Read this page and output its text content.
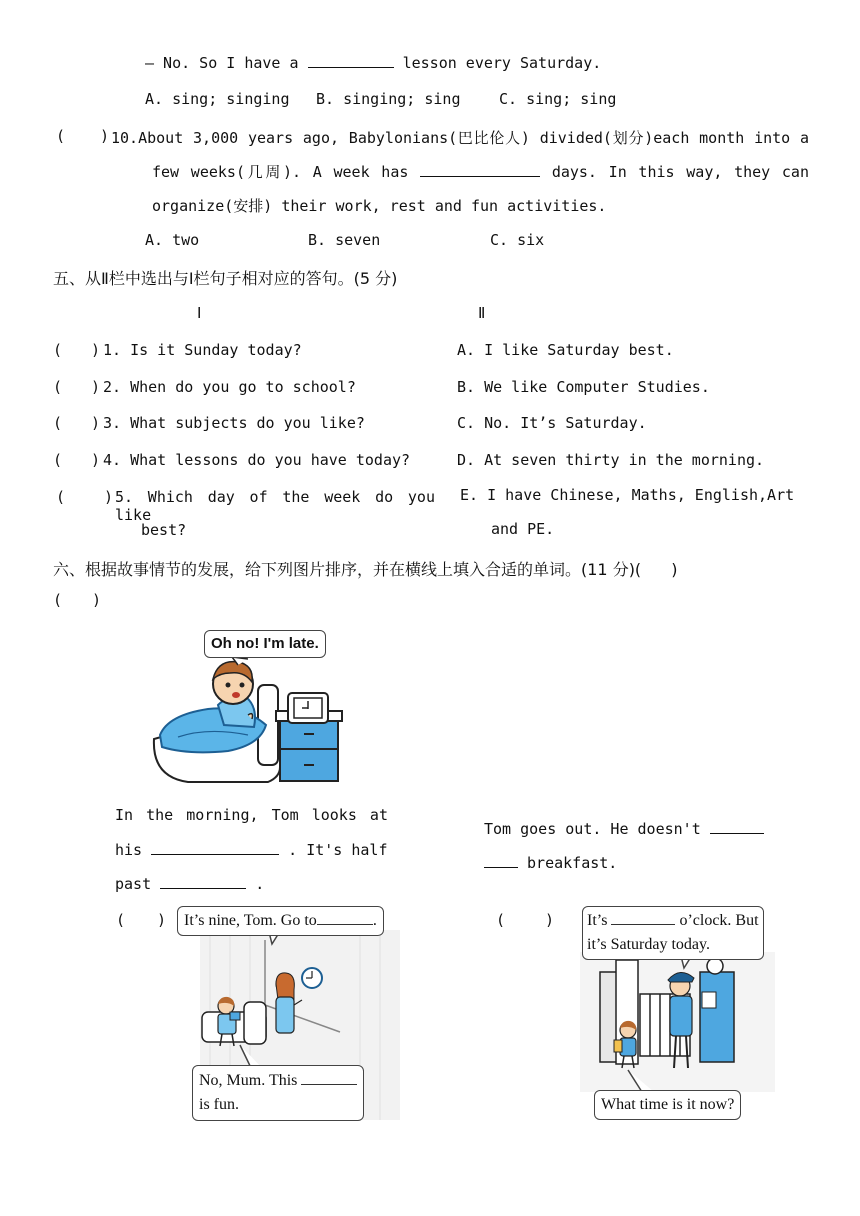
— No. So I have a	lesson every Saturday.
A. sing; singing B. singing; sing	C. sing; sing
( ) 10.About 3,000 years ago, Babylonians(巴比伦人) divided(划分)each month into a
few weeks(几周). A week has	days. In this way, they can
organize(安排) their work, rest and fun activities.
A. two	B. seven	C. six
五、从Ⅱ栏中选出与Ⅰ栏句子相对应的答句。(5 分)
Ⅰ	Ⅱ
( ) 1. Is it Sunday today?	A. I like Saturday best.
( ) 2. When do you go to school?	B. We like Computer Studies.
( ) 3. What subjects do you like?	C. No. It’s Saturday.
( ) 4. What lessons do you have today?	D. At seven thirty in the morning.
(	) 5. Which day of the week do you like
best?
E. I have Chinese, Maths, English,Art
and PE.
六、根据故事情节的发展，给下列图片排序，并在横线上填入合适的单词。(11 分)( )
( )
Oh no! I'm late.
In the morning, Tom looks at
his	. It's half
past	.
Tom goes out. He doesn't
breakfast.
( )	It’s nine, Tom. Go to	.
No, Mum. This
is fun.
(	)	It’s	o’clock. But
it’s Saturday today.
What time is it now?
